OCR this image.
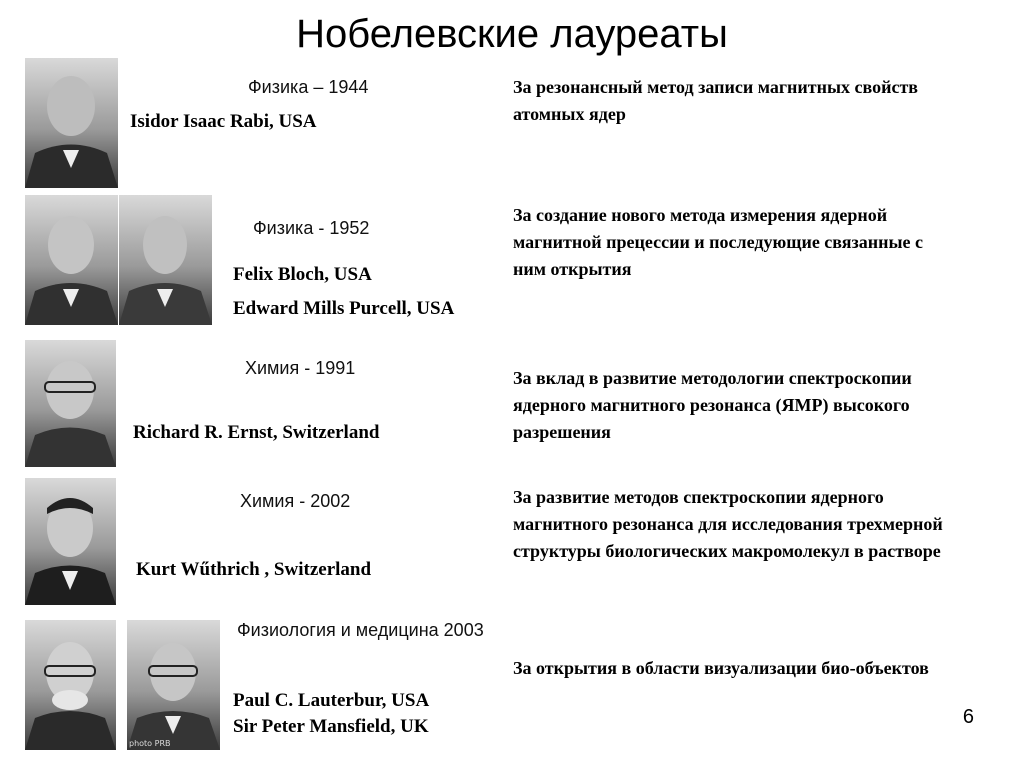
Нобелевские лауреаты
Физика – 1944
Isidor Isaac Rabi, USA
За резонансный метод записи магнитных свойств атомных ядер
Физика - 1952
Felix Bloch, USA
Edward Mills Purcell, USA
За создание нового метода измерения ядерной магнитной прецессии и последующие связанные с ним открытия
Химия - 1991
Richard R. Ernst, Switzerland
За вклад в развитие методологии спектроскопии ядерного магнитного резонанса (ЯМР) высокого разрешения
Химия - 2002
Kurt Wűthrich , Switzerland
За развитие методов спектроскопии ядерного магнитного резонанса для исследования трехмерной структуры биологических макромолекул в растворе
photo PRB
Физиология и медицина 2003
Paul C. Lauterbur, USA
Sir Peter Mansfield, UK
За открытия в области визуализации био-объектов
6
